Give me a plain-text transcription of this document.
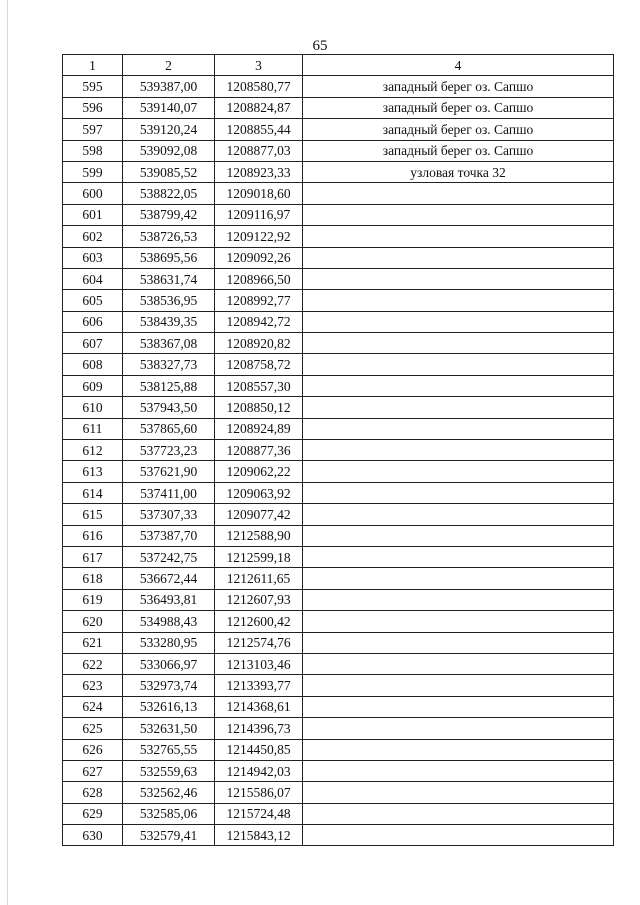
65
1	2	3	4
595	539387,00	1208580,77	западный берег оз. Сапшо
596	539140,07	1208824,87	западный берег оз. Сапшо
597	539120,24	1208855,44	западный берег оз. Сапшо
598	539092,08	1208877,03	западный берег оз. Сапшо
599	539085,52	1208923,33	узловая точка 32
600	538822,05	1209018,60	
601	538799,42	1209116,97	
602	538726,53	1209122,92	
603	538695,56	1209092,26	
604	538631,74	1208966,50	
605	538536,95	1208992,77	
606	538439,35	1208942,72	
607	538367,08	1208920,82	
608	538327,73	1208758,72	
609	538125,88	1208557,30	
610	537943,50	1208850,12	
611	537865,60	1208924,89	
612	537723,23	1208877,36	
613	537621,90	1209062,22	
614	537411,00	1209063,92	
615	537307,33	1209077,42	
616	537387,70	1212588,90	
617	537242,75	1212599,18	
618	536672,44	1212611,65	
619	536493,81	1212607,93	
620	534988,43	1212600,42	
621	533280,95	1212574,76	
622	533066,97	1213103,46	
623	532973,74	1213393,77	
624	532616,13	1214368,61	
625	532631,50	1214396,73	
626	532765,55	1214450,85	
627	532559,63	1214942,03	
628	532562,46	1215586,07	
629	532585,06	1215724,48	
630	532579,41	1215843,12	
